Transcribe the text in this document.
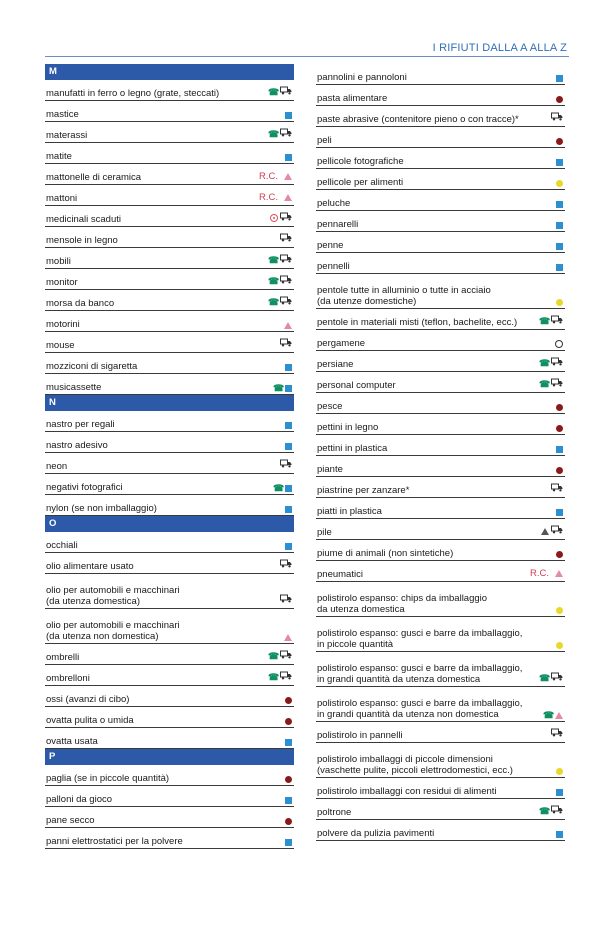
I RIFIUTI DALLA A ALLA Z
M
manufatti in ferro o legno (grate, steccati)	☎
mastice
materassi	☎
matite
mattonelle di ceramica	R.C.
mattoni	R.C.
medicinali scaduti
mensole in legno
mobili	☎
monitor	☎
morsa da banco	☎
motorini
mouse
mozziconi di sigaretta
musicassette	☎
N
nastro per regali
nastro adesivo
neon
negativi fotografici	☎
nylon (se non imballaggio)
O
occhiali
olio alimentare usato
olio per automobili e macchinari
(da utenza domestica)
olio per automobili e macchinari
(da utenza non domestica)
ombrelli	☎
ombrelloni	☎
ossi (avanzi di cibo)
ovatta pulita o umida
ovatta usata
P
paglia (se in piccole quantità)
palloni da gioco
pane secco
panni elettrostatici per la polvere
pannolini e pannoloni
pasta alimentare
paste abrasive (contenitore pieno o con tracce)*
peli
pellicole fotografiche
pellicole per alimenti
peluche
pennarelli
penne
pennelli
pentole tutte in alluminio o tutte in acciaio
(da utenze domestiche)
pentole in materiali misti (teflon, bachelite, ecc.) ☎
pergamene
persiane	☎
personal computer	☎
pesce
pettini in legno
pettini in plastica
piante
piastrine per zanzare*
piatti in plastica
pile
piume di animali (non sintetiche)
pneumatici	R.C.
polistirolo espanso: chips da imballaggio
da utenza domestica
polistirolo espanso: gusci e barre da imballaggio,
in piccole quantità
polistirolo espanso: gusci e barre da imballaggio,
in grandi quantità da utenza domestica	☎
polistirolo espanso: gusci e barre da imballaggio,
in grandi quantità da utenza non domestica	☎
polistirolo in pannelli
polistirolo imballaggi di piccole dimensioni
(vaschette pulite, piccoli elettrodomestici, ecc.)
polistirolo imballaggi con residui di alimenti
poltrone	☎
polvere da pulizia pavimenti
